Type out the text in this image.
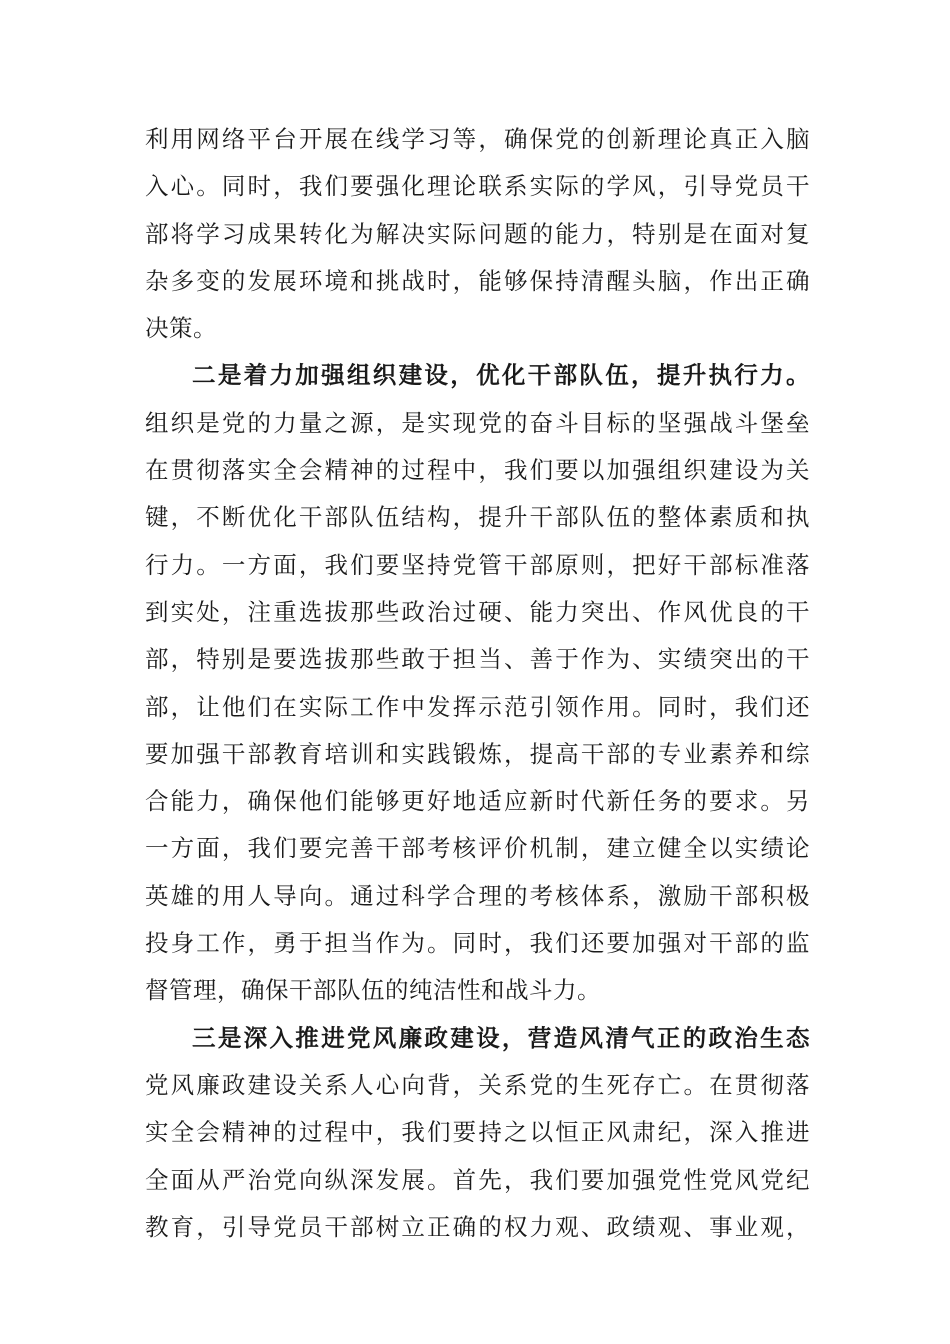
利用网络平台开展在线学习等，确保党的创新理论真正入脑
入心。同时，我们要强化理论联系实际的学风，引导党员干
部将学习成果转化为解决实际问题的能力，特别是在面对复
杂多变的发展环境和挑战时，能够保持清醒头脑，作出正确
决策。
二是着力加强组织建设，优化干部队伍，提升执行力。
组织是党的力量之源，是实现党的奋斗目标的坚强战斗堡垒
在贯彻落实全会精神的过程中，我们要以加强组织建设为关
键，不断优化干部队伍结构，提升干部队伍的整体素质和执
行力。一方面，我们要坚持党管干部原则，把好干部标准落
到实处，注重选拔那些政治过硬、能力突出、作风优良的干
部，特别是要选拔那些敢于担当、善于作为、实绩突出的干
部，让他们在实际工作中发挥示范引领作用。同时，我们还
要加强干部教育培训和实践锻炼，提高干部的专业素养和综
合能力，确保他们能够更好地适应新时代新任务的要求。另
一方面，我们要完善干部考核评价机制，建立健全以实绩论
英雄的用人导向。通过科学合理的考核体系，激励干部积极
投身工作，勇于担当作为。同时，我们还要加强对干部的监
督管理，确保干部队伍的纯洁性和战斗力。
三是深入推进党风廉政建设，营造风清气正的政治生态
党风廉政建设关系人心向背，关系党的生死存亡。在贯彻落
实全会精神的过程中，我们要持之以恒正风肃纪，深入推进
全面从严治党向纵深发展。首先，我们要加强党性党风党纪
教育，引导党员干部树立正确的权力观、政绩观、事业观，
